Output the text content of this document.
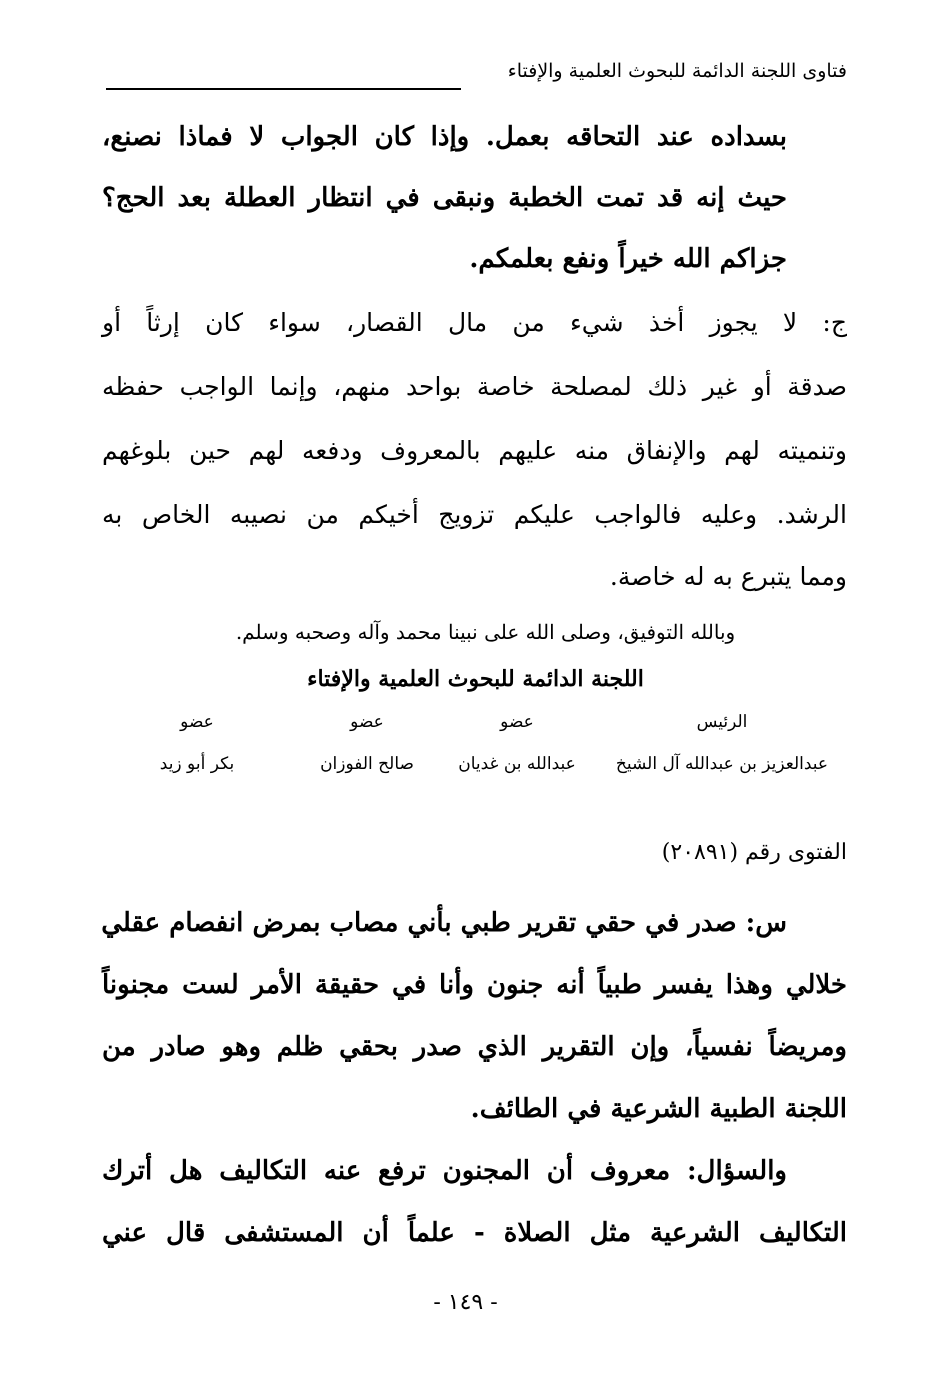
فتاوى اللجنة الدائمة للبحوث العلمية والإفتاء
بسداده عند التحاقه بعمل. وإذا كان الجواب لا فماذا نصنع،
حيث إنه قد تمت الخطبة ونبقى في انتظار العطلة بعد الحج؟
جزاكم الله خيراً ونفع بعلمكم.
ج: لا يجوز أخذ شيء من مال القصار، سواء كان إرثاً أو
صدقة أو غير ذلك لمصلحة خاصة بواحد منهم، وإنما الواجب حفظه
وتنميته لهم والإنفاق منه عليهم بالمعروف ودفعه لهم حين بلوغهم
الرشد. وعليه فالواجب عليكم تزويج أخيكم من نصيبه الخاص به
ومما يتبرع به له خاصة.
وبالله التوفيق، وصلى الله على نبينا محمد وآله وصحبه وسلم.
اللجنة الدائمة للبحوث العلمية والإفتاء
الرئيس
عبدالعزيز بن عبدالله آل الشيخ
عضو
عبدالله بن غديان
عضو
صالح الفوزان
عضو
بكر أبو زيد
الفتوى رقم (٢٠٨٩١)
س: صدر في حقي تقرير طبي بأني مصاب بمرض انفصام عقلي
خلالي وهذا يفسر طبياً أنه جنون وأنا في حقيقة الأمر لست مجنوناً
ومريضاً نفسياً، وإن التقرير الذي صدر بحقي ظلم وهو صادر من
اللجنة الطبية الشرعية في الطائف.
والسؤال: معروف أن المجنون ترفع عنه التكاليف هل أترك
التكاليف الشرعية مثل الصلاة - علماً أن المستشفى قال عني
- ١٤٩ -
